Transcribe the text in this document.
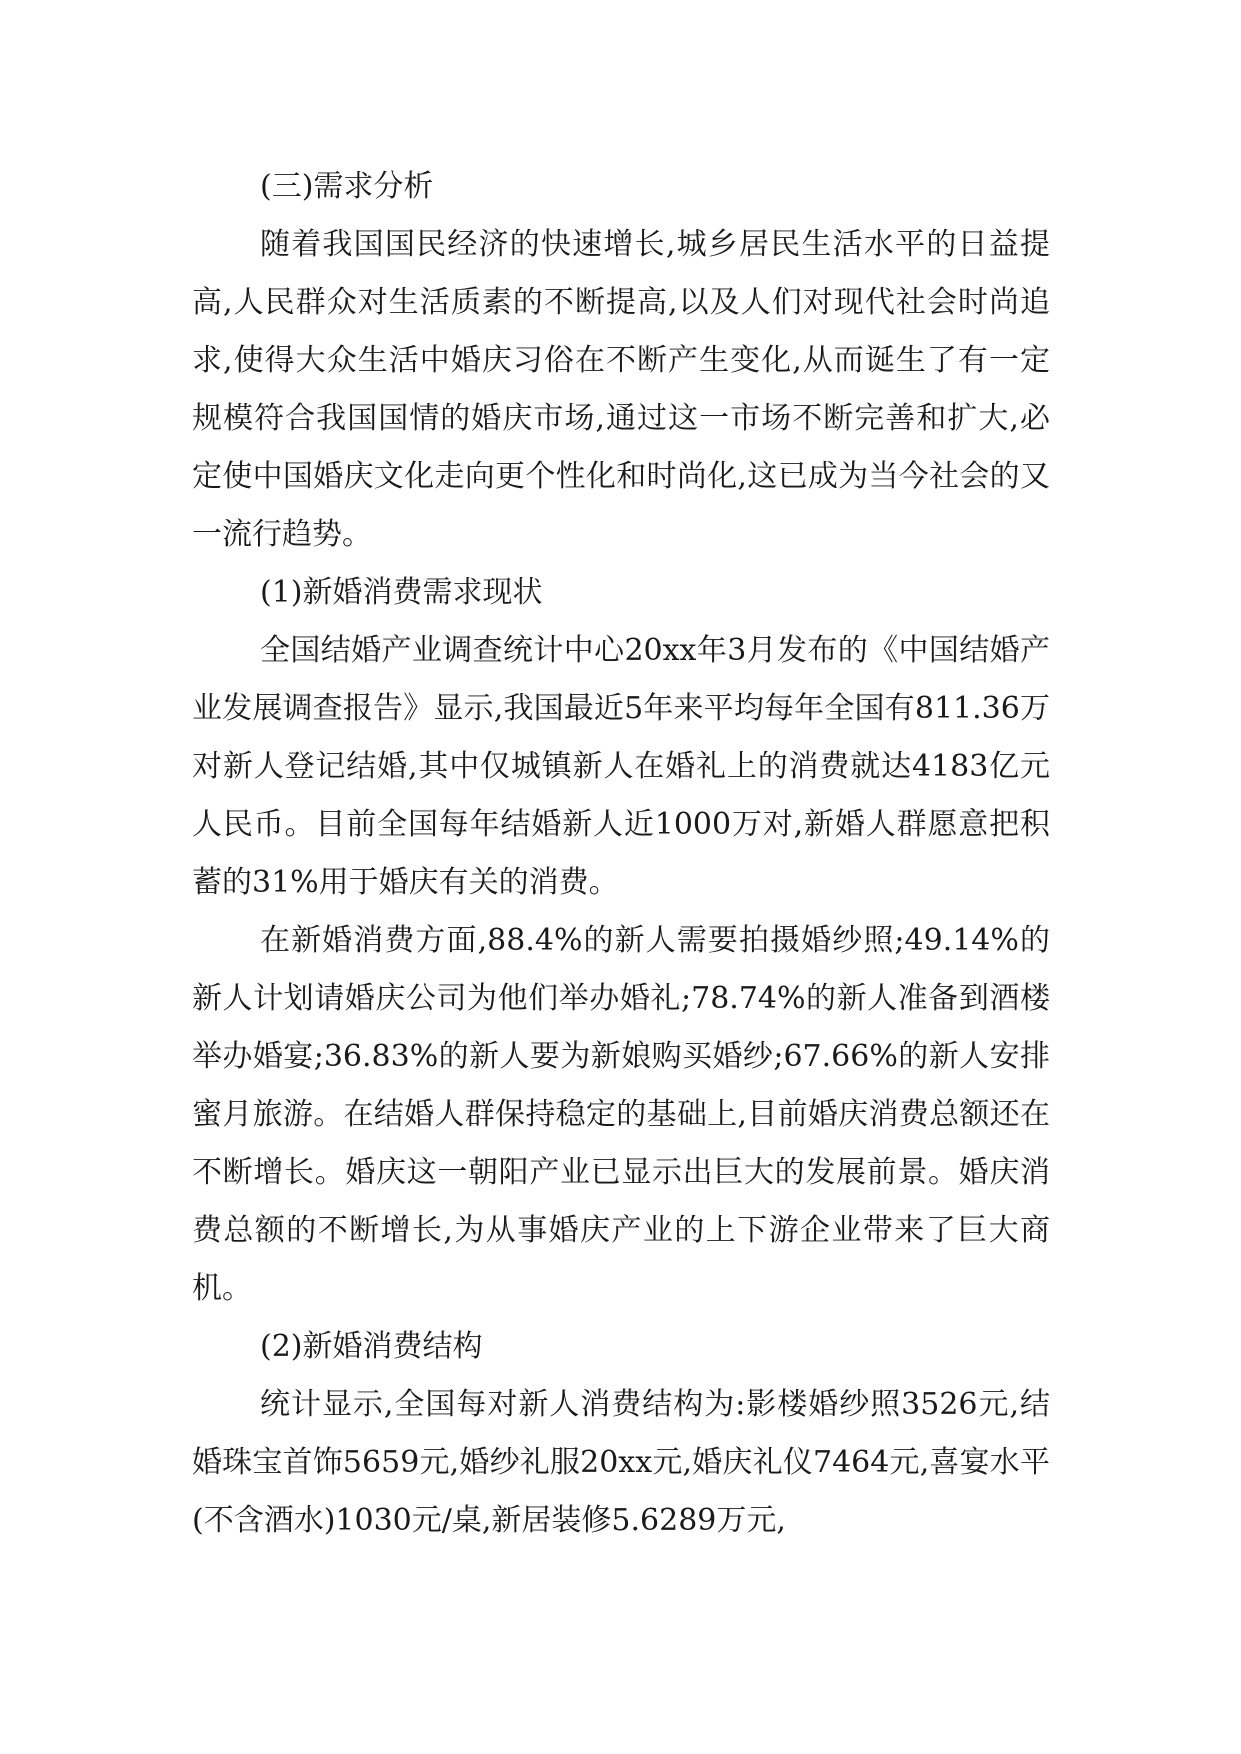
(三)需求分析

随着我国国民经济的快速增长,城乡居民生活水平的日益提高,人民群众对生活质素的不断提高,以及人们对现代社会时尚追求,使得大众生活中婚庆习俗在不断产生变化,从而诞生了有一定规模符合我国国情的婚庆市场,通过这一市场不断完善和扩大,必定使中国婚庆文化走向更个性化和时尚化,这已成为当今社会的又一流行趋势。

(1)新婚消费需求现状

全国结婚产业调查统计中心20xx年3月发布的《中国结婚产业发展调查报告》显示,我国最近5年来平均每年全国有811.36万对新人登记结婚,其中仅城镇新人在婚礼上的消费就达4183亿元人民币。目前全国每年结婚新人近1000万对,新婚人群愿意把积蓄的31%用于婚庆有关的消费。

在新婚消费方面,88.4%的新人需要拍摄婚纱照;49.14%的新人计划请婚庆公司为他们举办婚礼;78.74%的新人准备到酒楼举办婚宴;36.83%的新人要为新娘购买婚纱;67.66%的新人安排蜜月旅游。在结婚人群保持稳定的基础上,目前婚庆消费总额还在不断增长。婚庆这一朝阳产业已显示出巨大的发展前景。婚庆消费总额的不断增长,为从事婚庆产业的上下游企业带来了巨大商机。

(2)新婚消费结构

统计显示,全国每对新人消费结构为:影楼婚纱照3526元,结婚珠宝首饰5659元,婚纱礼服20xx元,婚庆礼仪7464元,喜宴水平(不含酒水)1030元/桌,新居装修5.6289万元,
